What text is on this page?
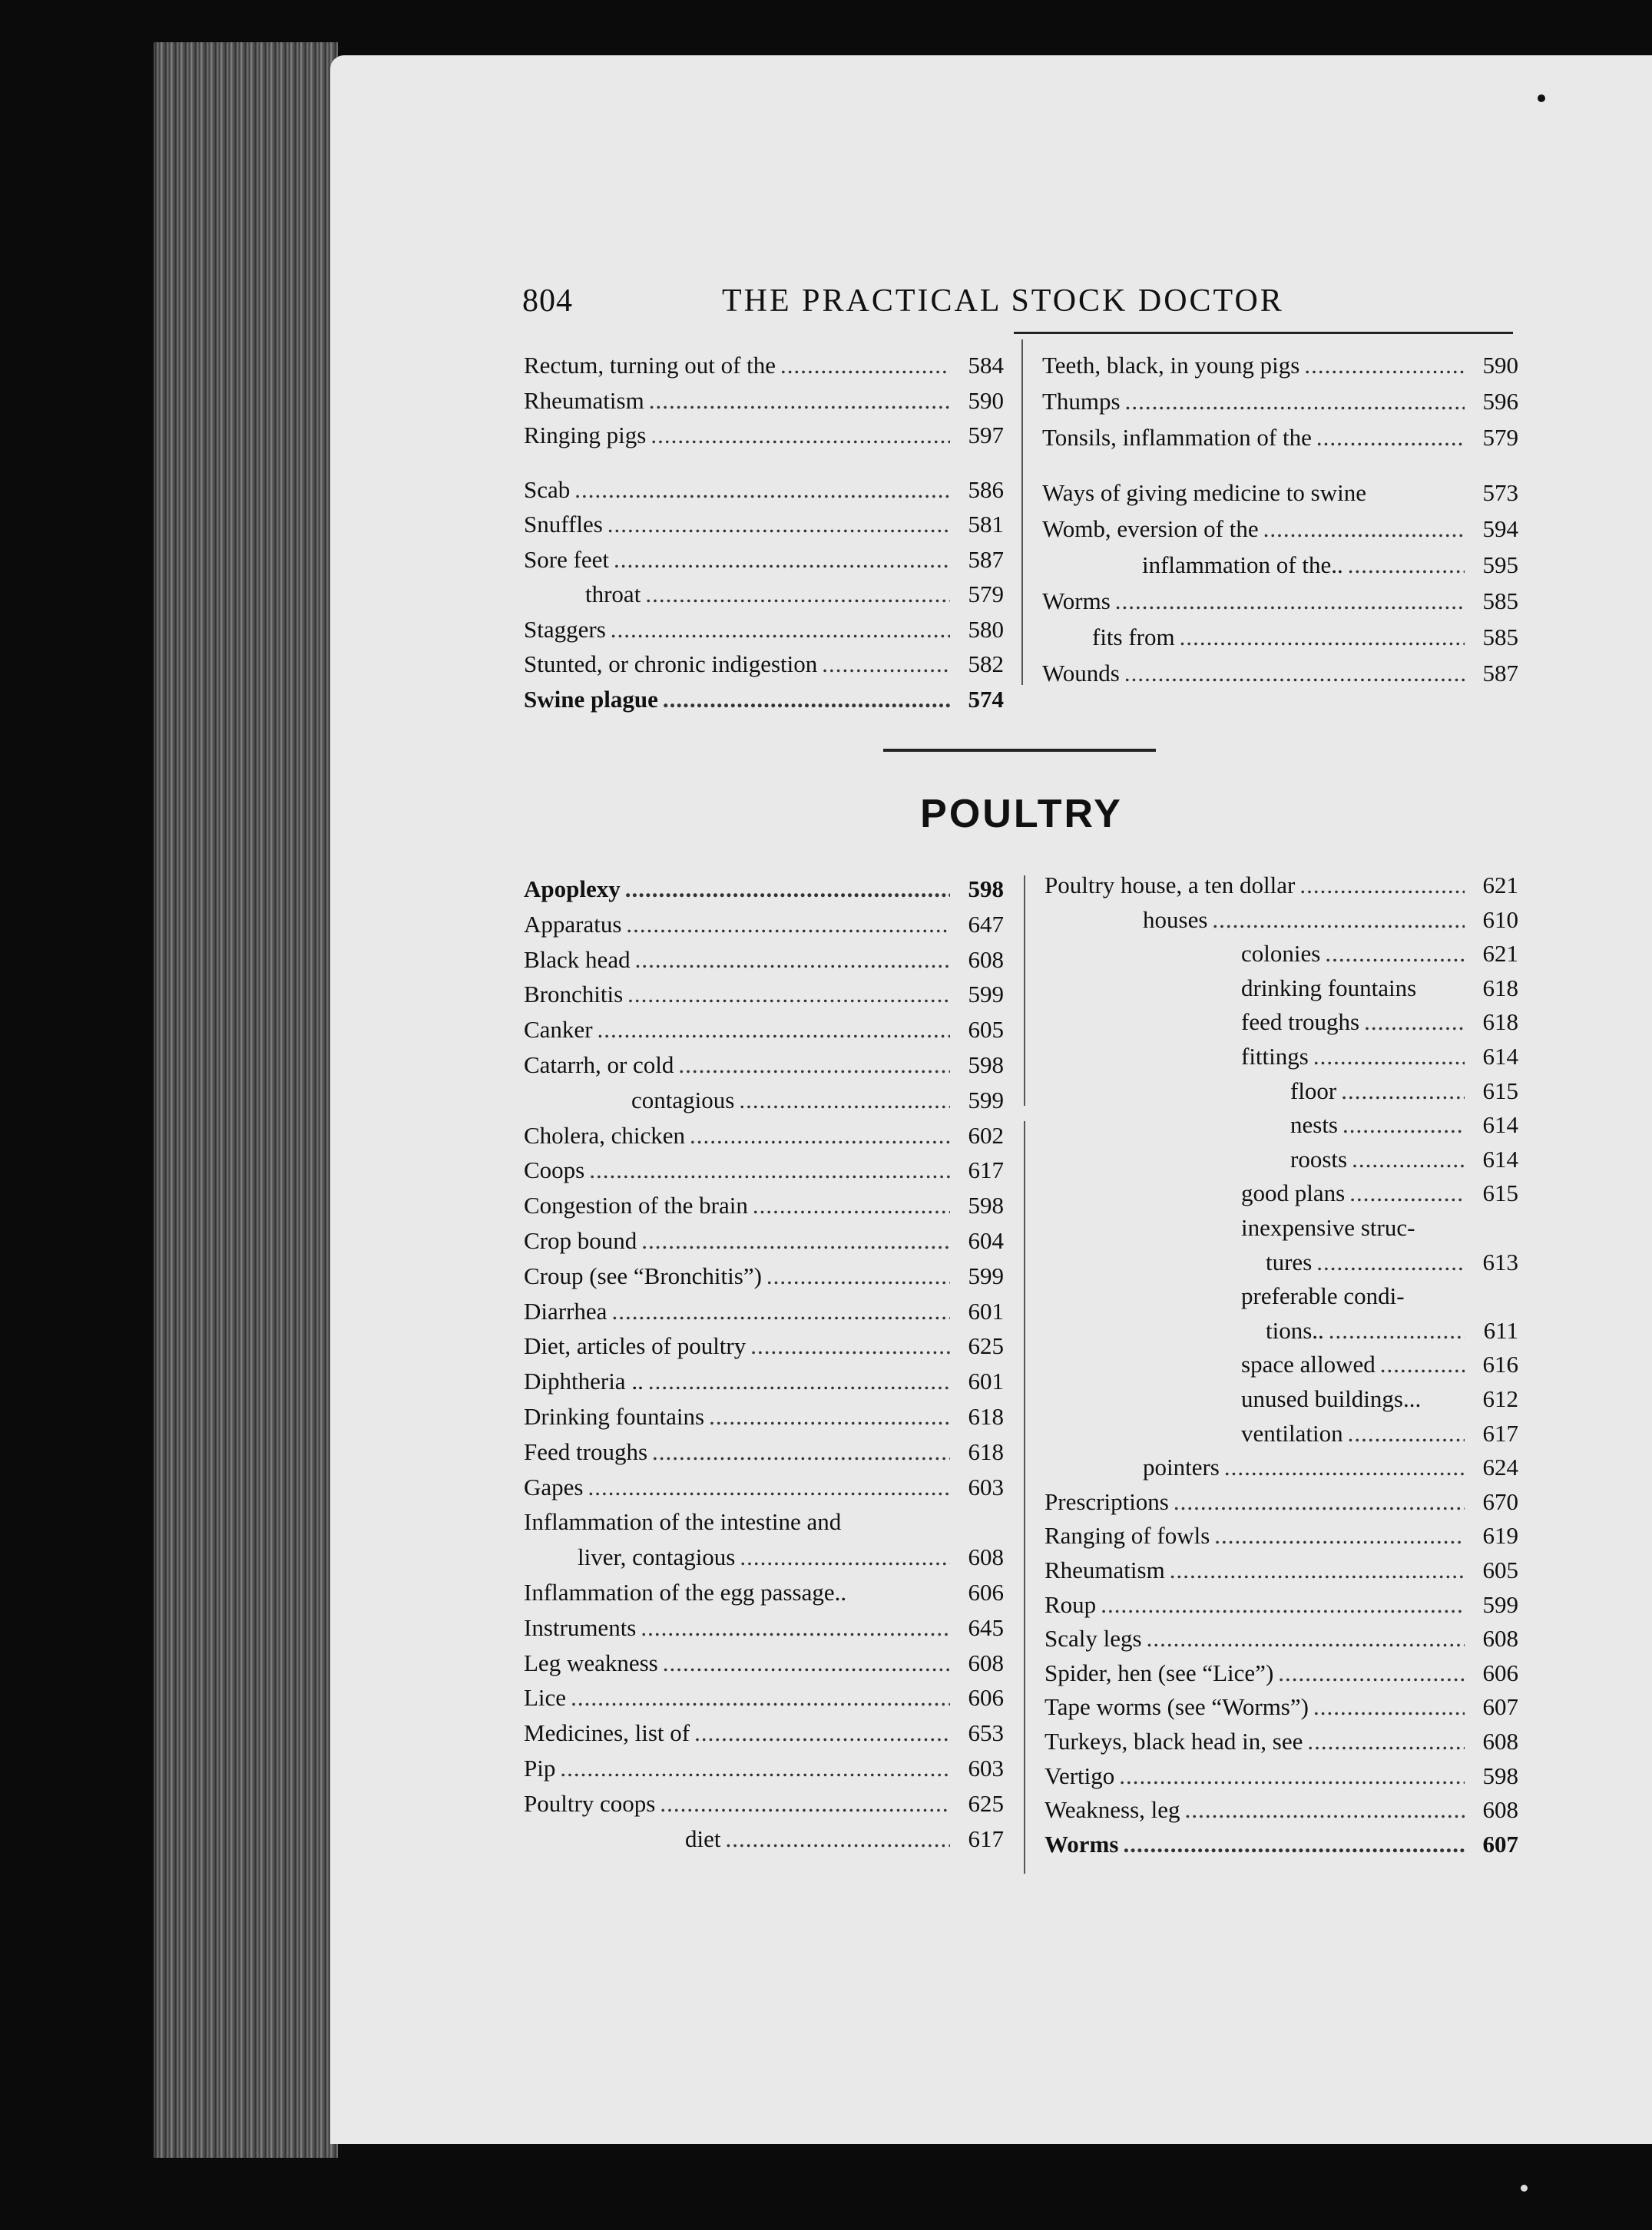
804	THE PRACTICAL STOCK DOCTOR
Rectum, turning out of the .....	584
Rheumatism .....	590
Ringing pigs .....	597
Scab .....	586
Snuffles .....	581
Sore feet .....	587
throat .....	579
Staggers .....	580
Stunted, or chronic indigestion .....	582
Swine plague .....	574
Teeth, black, in young pigs .....	590
Thumps .....	596
Tonsils, inflammation of the .....	579
Ways of giving medicine to swine	573
Womb, eversion of the .....	594
inflammation of the.. .....	595
Worms .....	585
fits from .....	585
Wounds .....	587
POULTRY
Apoplexy .....	598
Apparatus .....	647
Black head .....	608
Bronchitis .....	599
Canker .....	605
Catarrh, or cold .....	598
contagious .....	599
Cholera, chicken .....	602
Coops .....	617
Congestion of the brain .....	598
Crop bound .....	604
Croup (see “Bronchitis”) .....	599
Diarrhea .....	601
Diet, articles of poultry .....	625
Diphtheria .. .....	601
Drinking fountains .....	618
Feed troughs .....	618
Gapes .....	603
Inflammation of the intestine and
liver, contagious .....	608
Inflammation of the egg passage..	606
Instruments .....	645
Leg weakness .....	608
Lice .....	606
Medicines, list of .....	653
Pip .....	603
Poultry coops .....	625
diet .....	617
Poultry house, a ten dollar .....	621
houses .....	610
colonies .....	621
drinking fountains	618
feed troughs .....	618
fittings .....	614
floor .....	615
nests .....	614
roosts .....	614
good plans .....	615
inexpensive struc-
tures .....	613
preferable condi-
tions.. .....	611
space allowed .....	616
unused buildings...	612
ventilation .....	617
pointers .....	624
Prescriptions .....	670
Ranging of fowls .....	619
Rheumatism .....	605
Roup .....	599
Scaly legs .....	608
Spider, hen (see “Lice”) .....	606
Tape worms (see “Worms”) .....	607
Turkeys, black head in, see .....	608
Vertigo .....	598
Weakness, leg .....	608
Worms .....	607
